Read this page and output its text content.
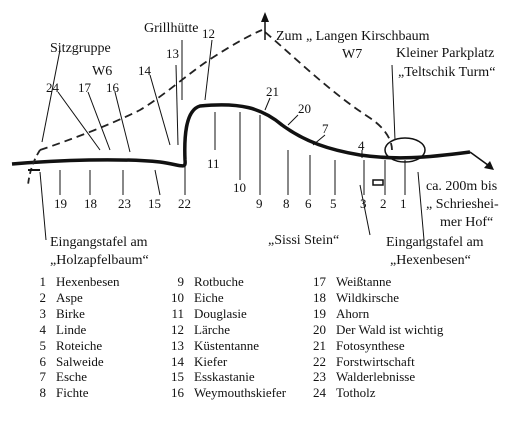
Grillhütte
Sitzgruppe
Zum „ Langen Kirschbaum
W7
W6
Kleiner Parkplatz
„Teltschik Turm“
ca. 200m bis
„ Schrieshei-
mer Hof“
„Sissi Stein“	Eingangstafel am
„Hexenbesen“
Eingangstafel am
„Holzapfelbaum“
1
2
3
4
5
6
7
8
9
10
11
12
13
14
15
16
17
18
19
20
21
22
23
24
1 Hexenbesen
2 Aspe
3 Birke
4 Linde
5 Roteiche
6 Salweide
7 Esche
8 Fichte
9 Rotbuche
10 Eiche
11 Douglasie
12 Lärche
13 Küstentanne
14 Kiefer
15 Esskastanie
16 Weymouthskiefer
17 Weißtanne
18 Wildkirsche
19 Ahorn
20 Der Wald ist wichtig
21 Fotosynthese
22 Forstwirtschaft
23 Walderlebnisse
24 Totholz
